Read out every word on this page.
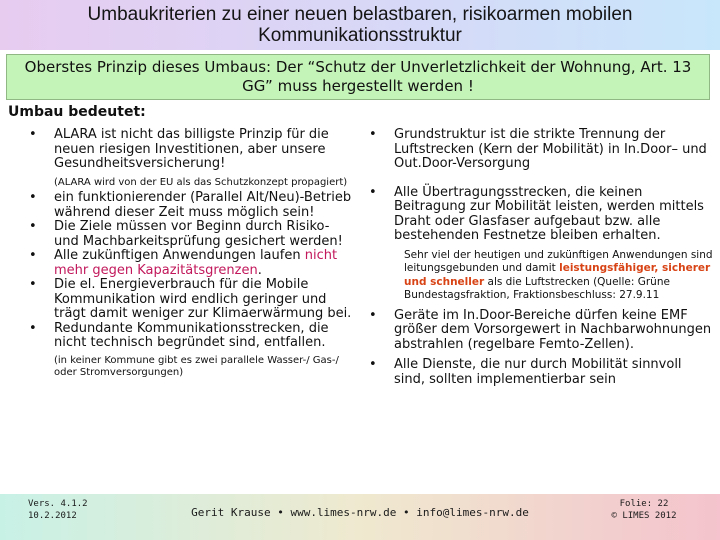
Umbaukriterien zu einer neuen belastbaren, risikoarmen mobilen Kommunikationsstruktur
Oberstes Prinzip dieses Umbaus: Der “Schutz der Unverletzlichkeit der Wohnung, Art. 13 GG” muss hergestellt werden !
Umbau bedeutet:
• ALARA ist nicht das billigste Prinzip für die neuen riesigen Investitionen, aber unsere Gesundheitsversicherung!
(ALARA wird von der EU als das Schutzkonzept propagiert)
• ein funktionierender (Parallel Alt/Neu)-Betrieb während dieser Zeit muss möglich sein!
• Die Ziele müssen vor Beginn durch Risiko- und Machbarkeitsprüfung gesichert werden!
• Alle zukünftigen Anwendungen laufen nicht mehr gegen Kapazitätsgrenzen.
• Die el. Energieverbrauch für die Mobile Kommunikation wird endlich geringer und trägt damit weniger zur Klimaerwärmung bei.
• Redundante Kommunikationsstrecken, die nicht technisch begründet sind, entfallen.
(in keiner Kommune gibt es zwei parallele Wasser-/ Gas-/ oder Stromversorgungen)
• Grundstruktur ist die strikte Trennung der Luftstrecken (Kern der Mobilität) in In.Door– und Out.Door-Versorgung
• Alle Übertragungsstrecken, die keinen Beitragung zur Mobilität leisten, werden mittels Draht oder Glasfaser aufgebaut bzw. alle bestehenden Festnetze bleiben erhalten.
Sehr viel der heutigen und zukünftigen Anwendungen sind leitungsgebunden und damit leistungsfähiger, sicherer und schneller als die Luftstrecken (Quelle: Grüne Bundestagsfraktion, Fraktionsbeschluss: 27.9.11
• Geräte im In.Door-Bereiche dürfen keine EMF größer dem Vorsorgewert in Nachbarwohnungen abstrahlen (regelbare Femto-Zellen).
• Alle Dienste, die nur durch Mobilität sinnvoll sind, sollten implementierbar sein
Vers. 4.1.2
10.2.2012	Gerit Krause • www.limes-nrw.de • info@limes-nrw.de
Folie: 22
© LIMES 2012
